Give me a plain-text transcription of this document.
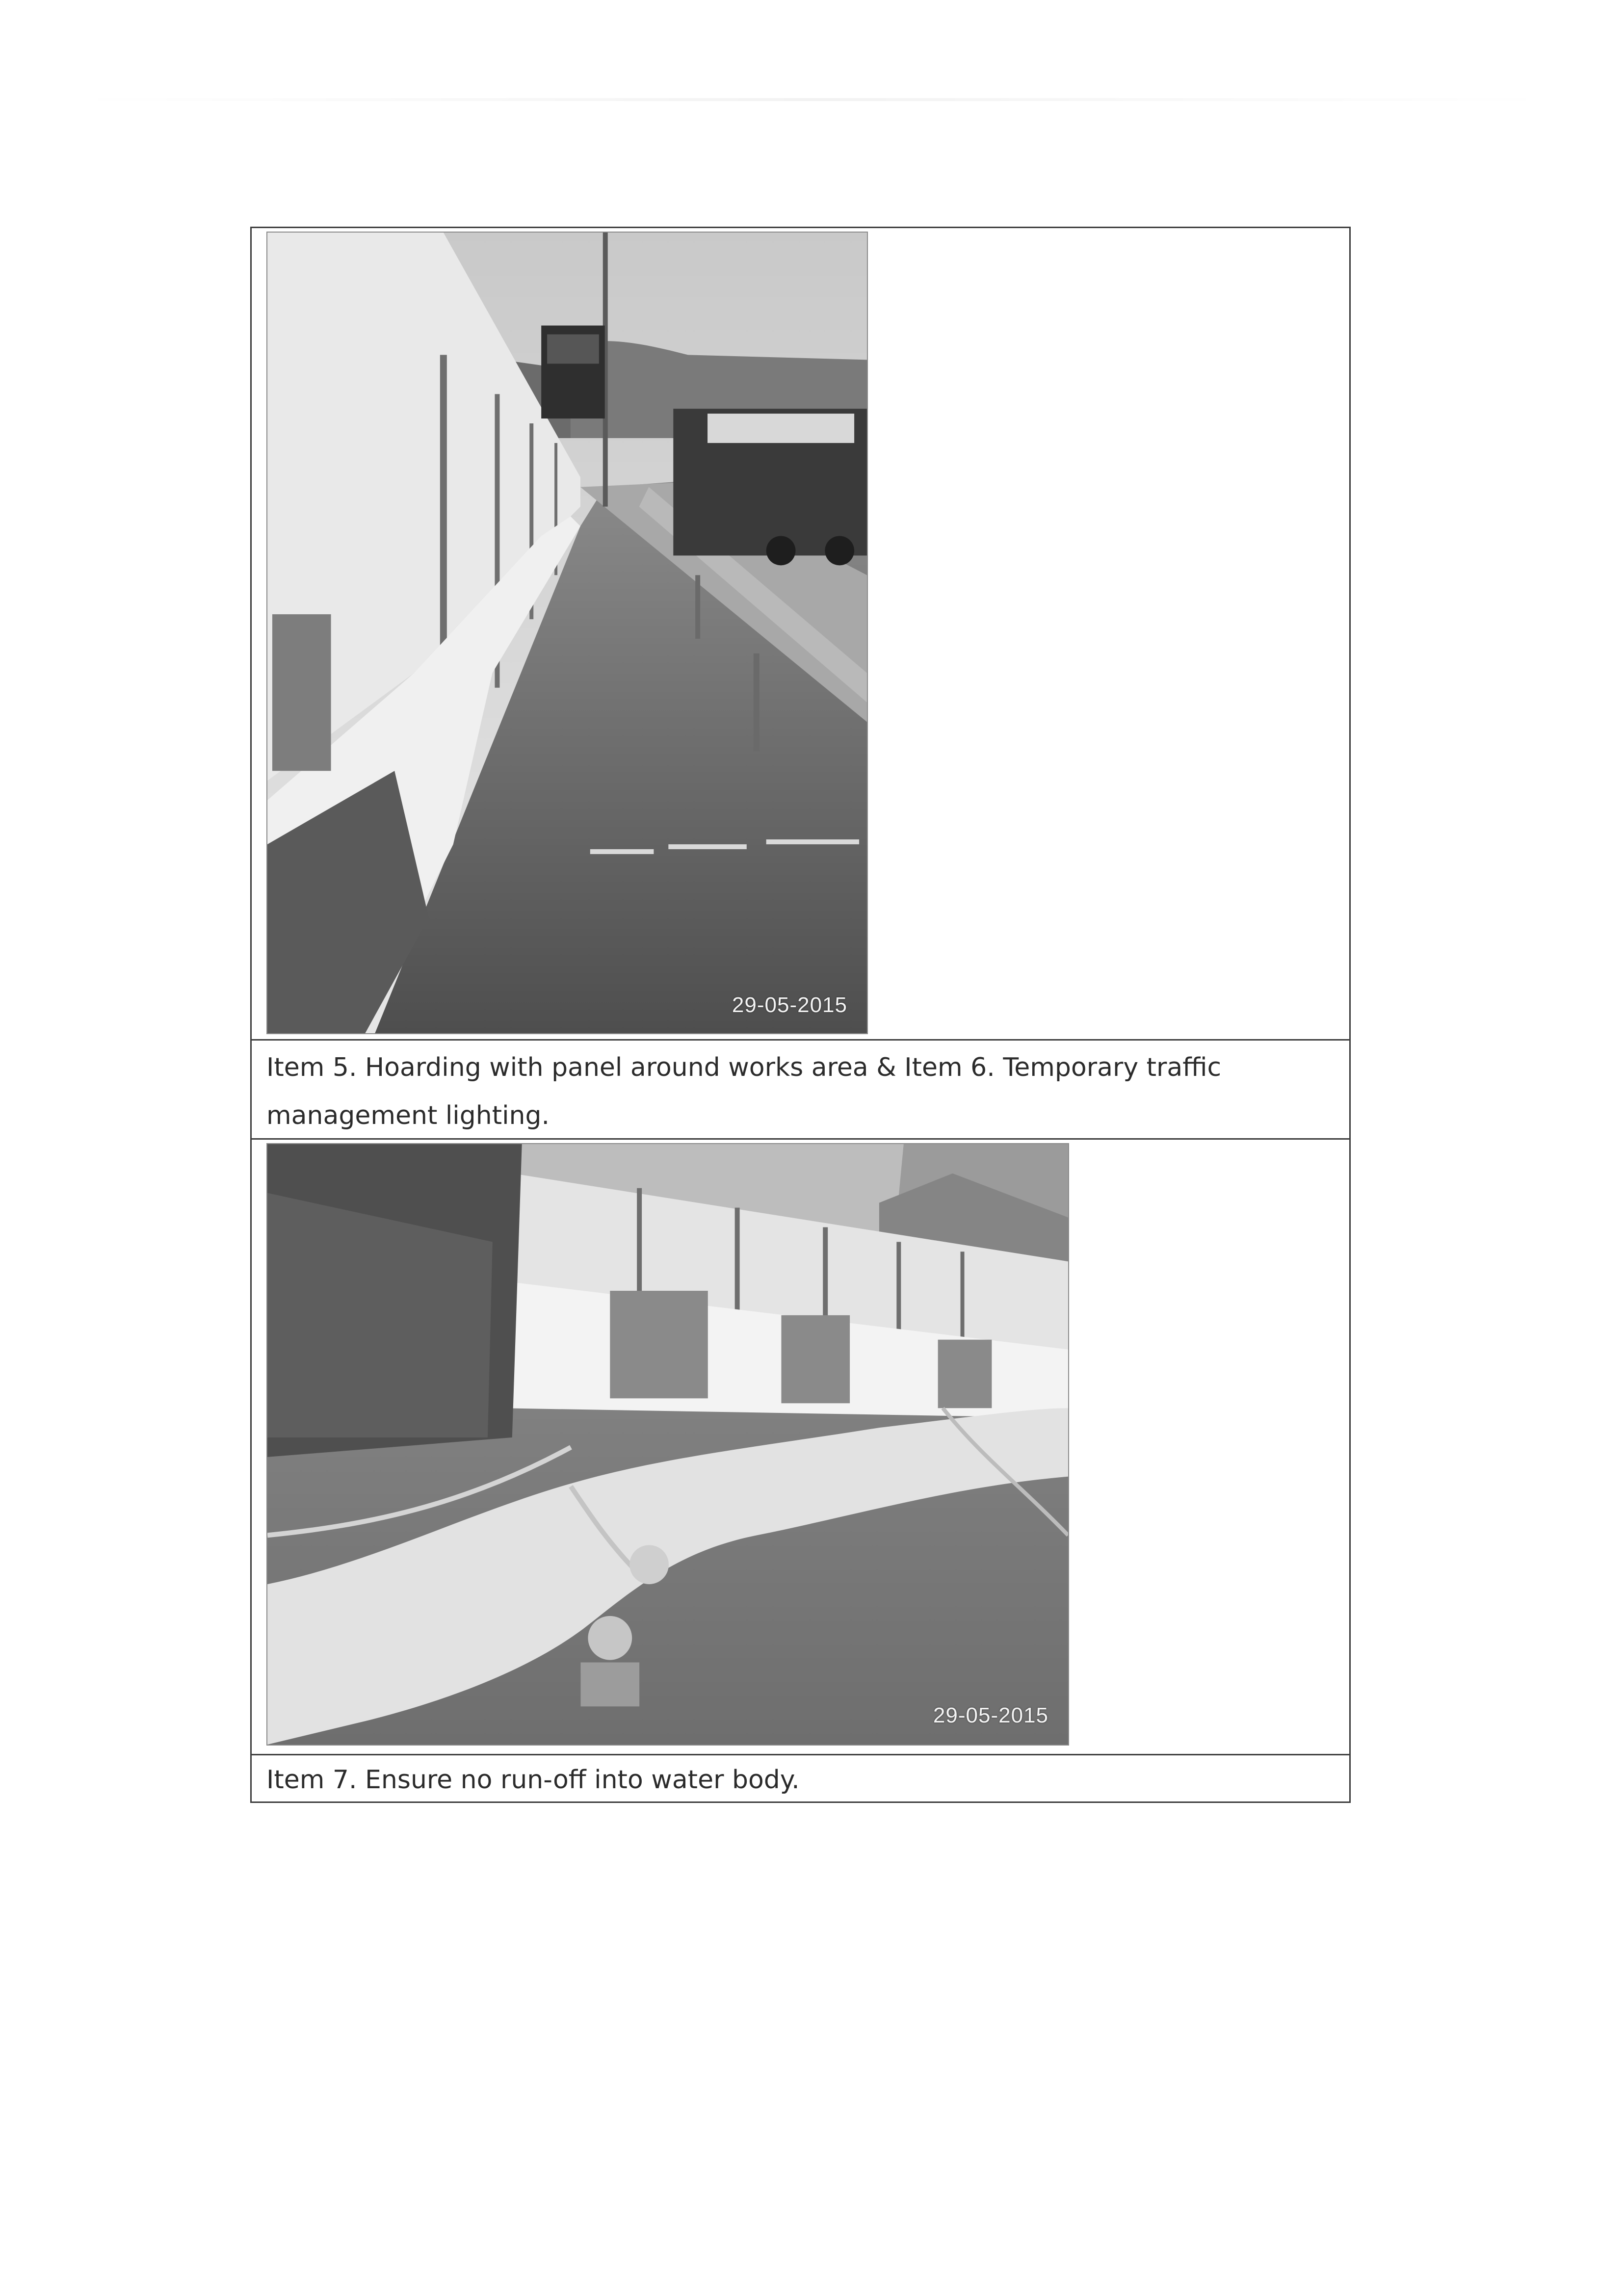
29-05-2015
Item 5. Hoarding with panel around works area & Item 6. Temporary traffic management lighting.
29-05-2015
Item 7. Ensure no run-off into water body.
